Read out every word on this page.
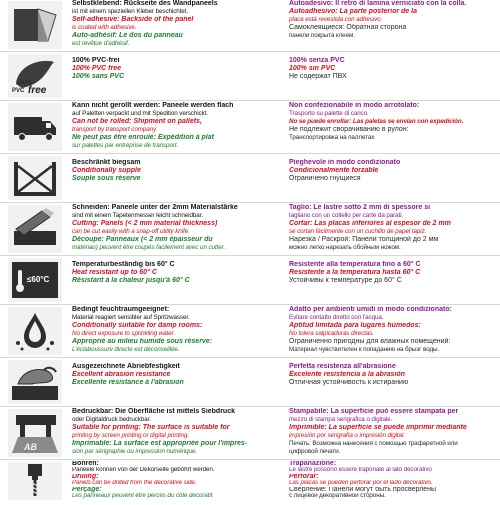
Selbstklebend: Rückseite des Wandpaneels
ist mit einem speziellen Kleber beschichtet.
Self-adhesive: Backside of the panel
is coated with adhesive.
Auto-adhésif: Le dos du panneau
est revêtue d'adhésif.
Autoadesivo: Il retro di lamina verniciato con la colla.
Autoadhesivo: La parte posterior de la
placa está revestida con adhesivo.
Самоклеящиеся: Обратная сторона
панели покрыта клеем.
100%
PVC free
100% PVC-frei
100% PVC free
100% sans PVC
100% senza PVC
100% sin PVC
Не содержат ПВХ
Kann nicht gerollt werden: Paneele werden flach
auf Paletten verpackt und mit Spedition verschickt.
Can not be rolled: Shipment on pallets,
transport by transport company
Ne peut pas être enroulé: Expédition à plat
sur palettes par entreprise de transport.
Non confezionabile in modo arrotolato:
Trasporto su palette di carico.
No se puede enrollar: Las paletas se envían con expedición.
Не подлежит сворачиванию в рулон:
Транспортировка на паллетах
Beschränkt biegsam
Conditionally supple
Souple sous réserve
Pieghevole in modo condizionato
Condicionalmente forzable
Ограничено гнущиеся
Schneiden: Paneele unter der 2mm Materialstärke
sind mit einem Tapetenmesser leicht schneidbar.
Cutting: Panels (< 2 mm material thickness)
can be cut easily with a snap-off utility knife.
Découpe: Panneaux (< 2 mm épaisseur du
matériau) peuvent être coupés facilement avec un cutter.
Taglio: Le lastre sotto 2 mm di spessore si
tagliano con un coltello per carte da parati.
Cortar: Las placas inferiores al espesor de 2 mm
se cortan fácilmente con un cuchillo de papel tapiz.
Нарезка / Раскрой: Панели толщиной до 2 мм
можно легко нарезать обойным ножом.
≤60°C
Temperaturbeständig bis 60° C
Heat resistant up to 60° C
Résistant à la chaleur jusqu'à 60° C
Resistente alla temperatura fino a 60° C
Resistente a la temperatura hasta 60° C
Устойчивы к температуре до 60° C
Bedingt feuchtraumgeeignet:
Material reagiert sensibler auf Spritzwasser.
Conditionally suitable for damp rooms:
No direct exposure to sprinkling water.
Approprié au milieu humide sous réserve:
L'éclaboussure directe est déconseillée.
Adatto per ambienti umidi in modo condizionato:
Evitare contatto diretto con l'acqua.
Aptitud limitada para lugares húmedos:
No tolera salpicaduras directas.
Ограниченно пригодны для влажных помещений:
Материал чувствителен к попаданию на брызг воды.
Ausgezeichnete Abriebfestigkeit
Excellent abrasion resistance
Excellente résistance à l'abrasion
Perfetta resistenza all'abrasione
Excelente resistencia a la abrasión
Отличная устойчивость к истиранию
AB
Bedruckbar: Die Oberfläche ist mittels Siebdruck
oder Digitaldruck bedruckbar.
Suitable for printing: The surface is suitable for
printing by screen printing or digital printing.
Imprimable: La surface est appropriée pour l'impres-
sion par sérigraphie ou impression numérique.
Stampabile: La superficie può essere stampata per
mezzo di stampa serigrafica o digitale.
Imprimible: La superficie se puede imprimir mediante
impresión por serigrafía o impresión digital.
Печать: Возможна нанесения с помощью трафаретной или
цифровой печати.
Bohren:
Paneele können von der Dekorseite gebohrt werden.
Drilling:
Panels can be drilled from the decorative side.
Perçage:
Les panneaux peuvent être percés du côté décoratif.
Trapanazione:
Le lastre possono essere traponate al lato decorativo
Perforar:
Las placas se pueden perforar por el lado decorativo.
Сверление: Панели могут быть просверлены
с лицевой декоративной стороны.
